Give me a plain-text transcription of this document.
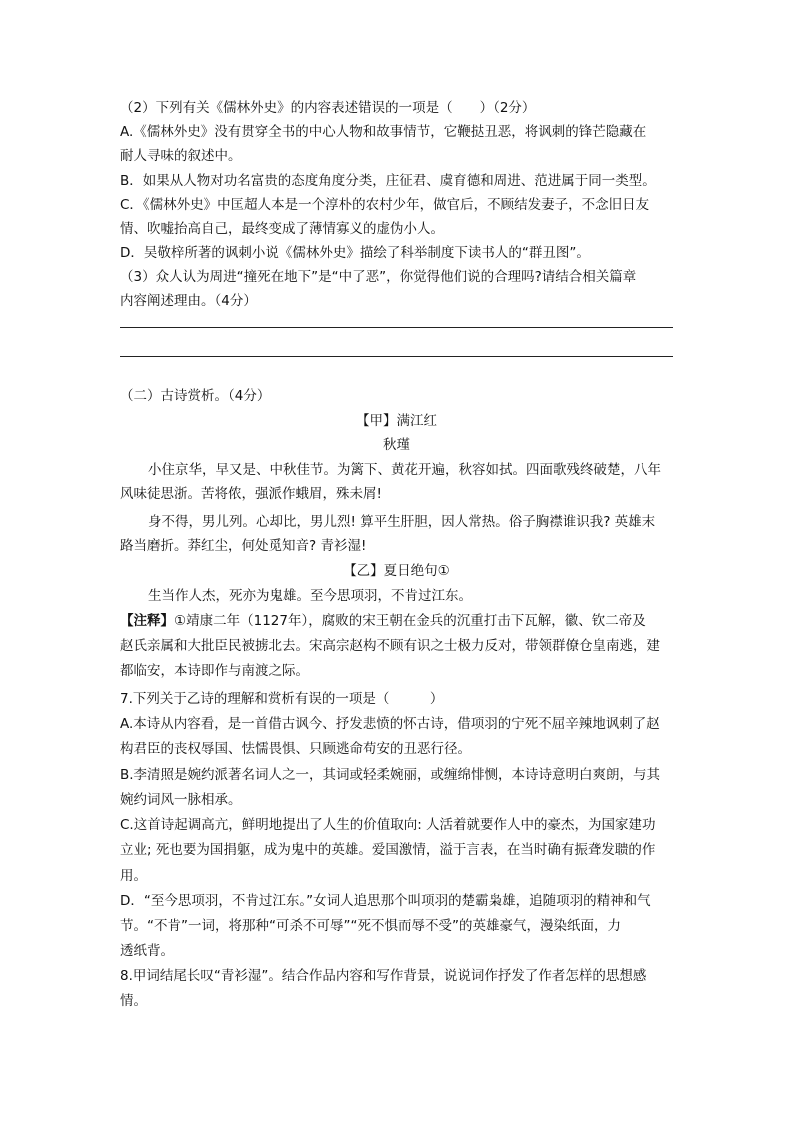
（2）下列有关《儒林外史》的内容表述错误的一项是（　　）（2分）
A.《儒林外史》没有贯穿全书的中心人物和故事情节，它鞭挞丑恶，将讽刺的锋芒隐藏在
耐人寻味的叙述中。
B．如果从人物对功名富贵的态度角度分类，庄征君、虞育德和周进、范进属于同一类型。
C．《儒林外史》中匡超人本是一个淳朴的农村少年，做官后，不顾结发妻子，不念旧日友
情、吹嘘抬高自己，最终变成了薄情寡义的虚伪小人。
D．吴敬梓所著的讽刺小说《儒林外史》描绘了科举制度下读书人的“群丑图”。
（3）众人认为周进“撞死在地下”是“中了恶”，你觉得他们说的合理吗?请结合相关篇章
内容阐述理由。（4分）
（二）古诗赏析。（4分）
【甲】满江红
秋瑾
小住京华，早又是、中秋佳节。为篱下、黄花开遍，秋容如拭。四面歌残终破楚，八年
风味徒思浙。苦将侬，强派作蛾眉，殊未屑!
身不得，男儿列。心却比，男儿烈! 算平生肝胆，因人常热。俗子胸襟谁识我? 英雄末
路当磨折。莽红尘，何处觅知音? 青衫湿!
【乙】夏日绝句①
生当作人杰，死亦为鬼雄。至今思项羽，不肯过江东。
【注释】①靖康二年（1127年），腐败的宋王朝在金兵的沉重打击下瓦解，徽、钦二帝及
赵氏亲属和大批臣民被掳北去。宋高宗赵构不顾有识之士极力反对，带领群僚仓皇南逃，建
都临安，本诗即作与南渡之际。
7.下列关于乙诗的理解和赏析有误的一项是（　　　）
A.本诗从内容看，是一首借古讽今、抒发悲愤的怀古诗，借项羽的宁死不屈辛辣地讽刺了赵
构君臣的丧权辱国、怯懦畏惧、只顾逃命苟安的丑恶行径。
B.李清照是婉约派著名词人之一，其词或轻柔婉丽，或缠绵悱恻，本诗诗意明白爽朗，与其
婉约词风一脉相承。
C.这首诗起调高亢，鲜明地提出了人生的价值取向: 人活着就要作人中的豪杰，为国家建功
立业; 死也要为国捐躯，成为鬼中的英雄。爱国激情，溢于言表，在当时确有振聋发聩的作
用。
D．“至今思项羽，不肯过江东。”女词人追思那个叫项羽的楚霸枭雄，追随项羽的精神和气
节。“不肯”一词，将那种“可杀不可辱”“死不惧而辱不受”的英雄豪气，漫染纸面，力
透纸背。
8.甲词结尾长叹“青衫湿”。结合作品内容和写作背景，说说词作抒发了作者怎样的思想感
情。
